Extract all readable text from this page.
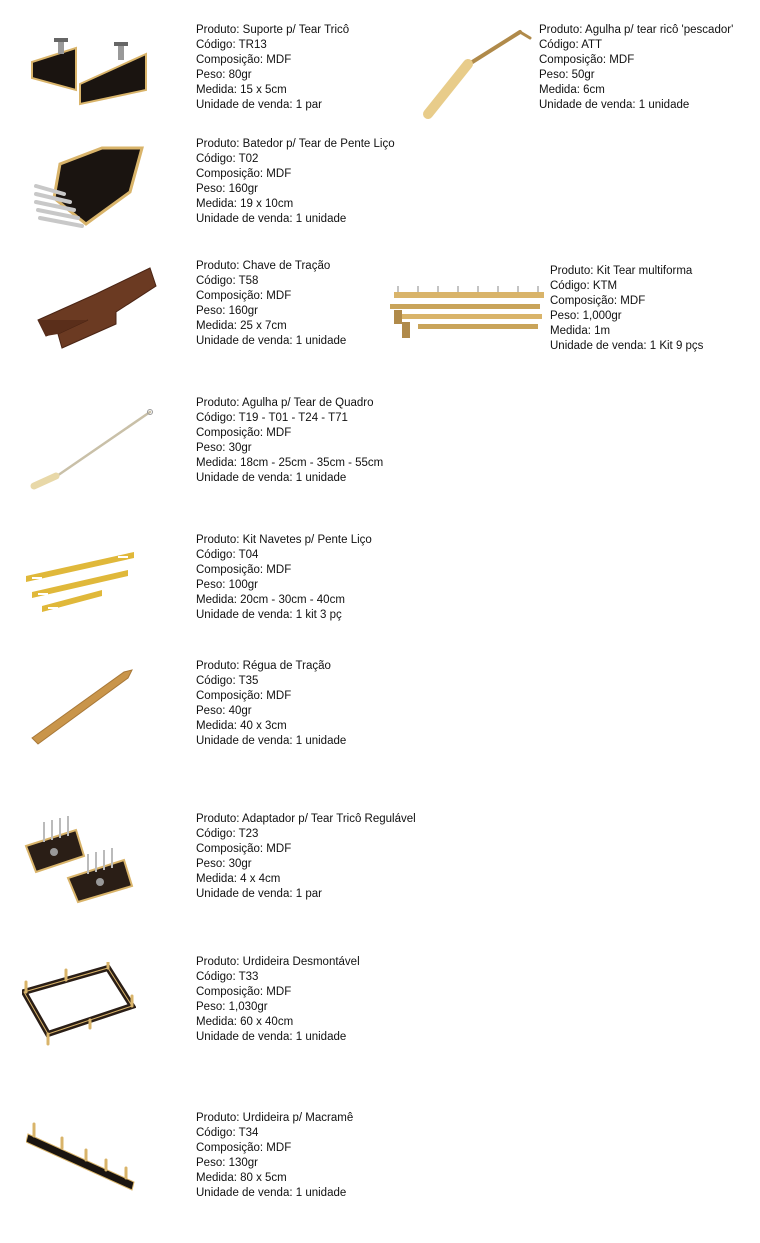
Produto: Suporte p/ Tear Tricô
Código: TR13
Composição: MDF
Peso: 80gr
Medida: 15 x 5cm
Unidade de venda: 1 par
Produto: Agulha p/ tear ricô 'pescador'
Código: ATT
Composição: MDF
Peso: 50gr
Medida: 6cm
Unidade de venda: 1 unidade
Produto: Batedor p/ Tear de Pente Liço
Código: T02
Composição: MDF
Peso: 160gr
Medida: 19 x 10cm
Unidade de venda: 1 unidade
Produto: Chave de Tração
Código: T58
Composição: MDF
Peso: 160gr
Medida: 25 x 7cm
Unidade de venda: 1 unidade
Produto: Kit Tear multiforma
Código: KTM
Composição: MDF
Peso: 1,000gr
Medida: 1m
Unidade de venda: 1 Kit 9 pçs
Produto: Agulha p/ Tear de Quadro
Código: T19 - T01 - T24 - T71
Composição: MDF
Peso: 30gr
Medida: 18cm - 25cm - 35cm - 55cm
Unidade de venda: 1 unidade
Produto: Kit Navetes p/ Pente Liço
Código: T04
Composição: MDF
Peso: 100gr
Medida: 20cm - 30cm - 40cm
Unidade de venda: 1 kit 3 pç
Produto: Régua de Tração
Código: T35
Composição: MDF
Peso: 40gr
Medida: 40 x 3cm
Unidade de venda: 1 unidade
Produto: Adaptador p/ Tear Tricô Regulável
Código: T23
Composição: MDF
Peso: 30gr
Medida: 4 x 4cm
Unidade de venda: 1 par
Produto: Urdideira Desmontável
Código: T33
Composição: MDF
Peso: 1,030gr
Medida: 60 x 40cm
Unidade de venda: 1 unidade
Produto: Urdideira p/ Macramê
Código: T34
Composição: MDF
Peso: 130gr
Medida: 80 x 5cm
Unidade de venda: 1 unidade
